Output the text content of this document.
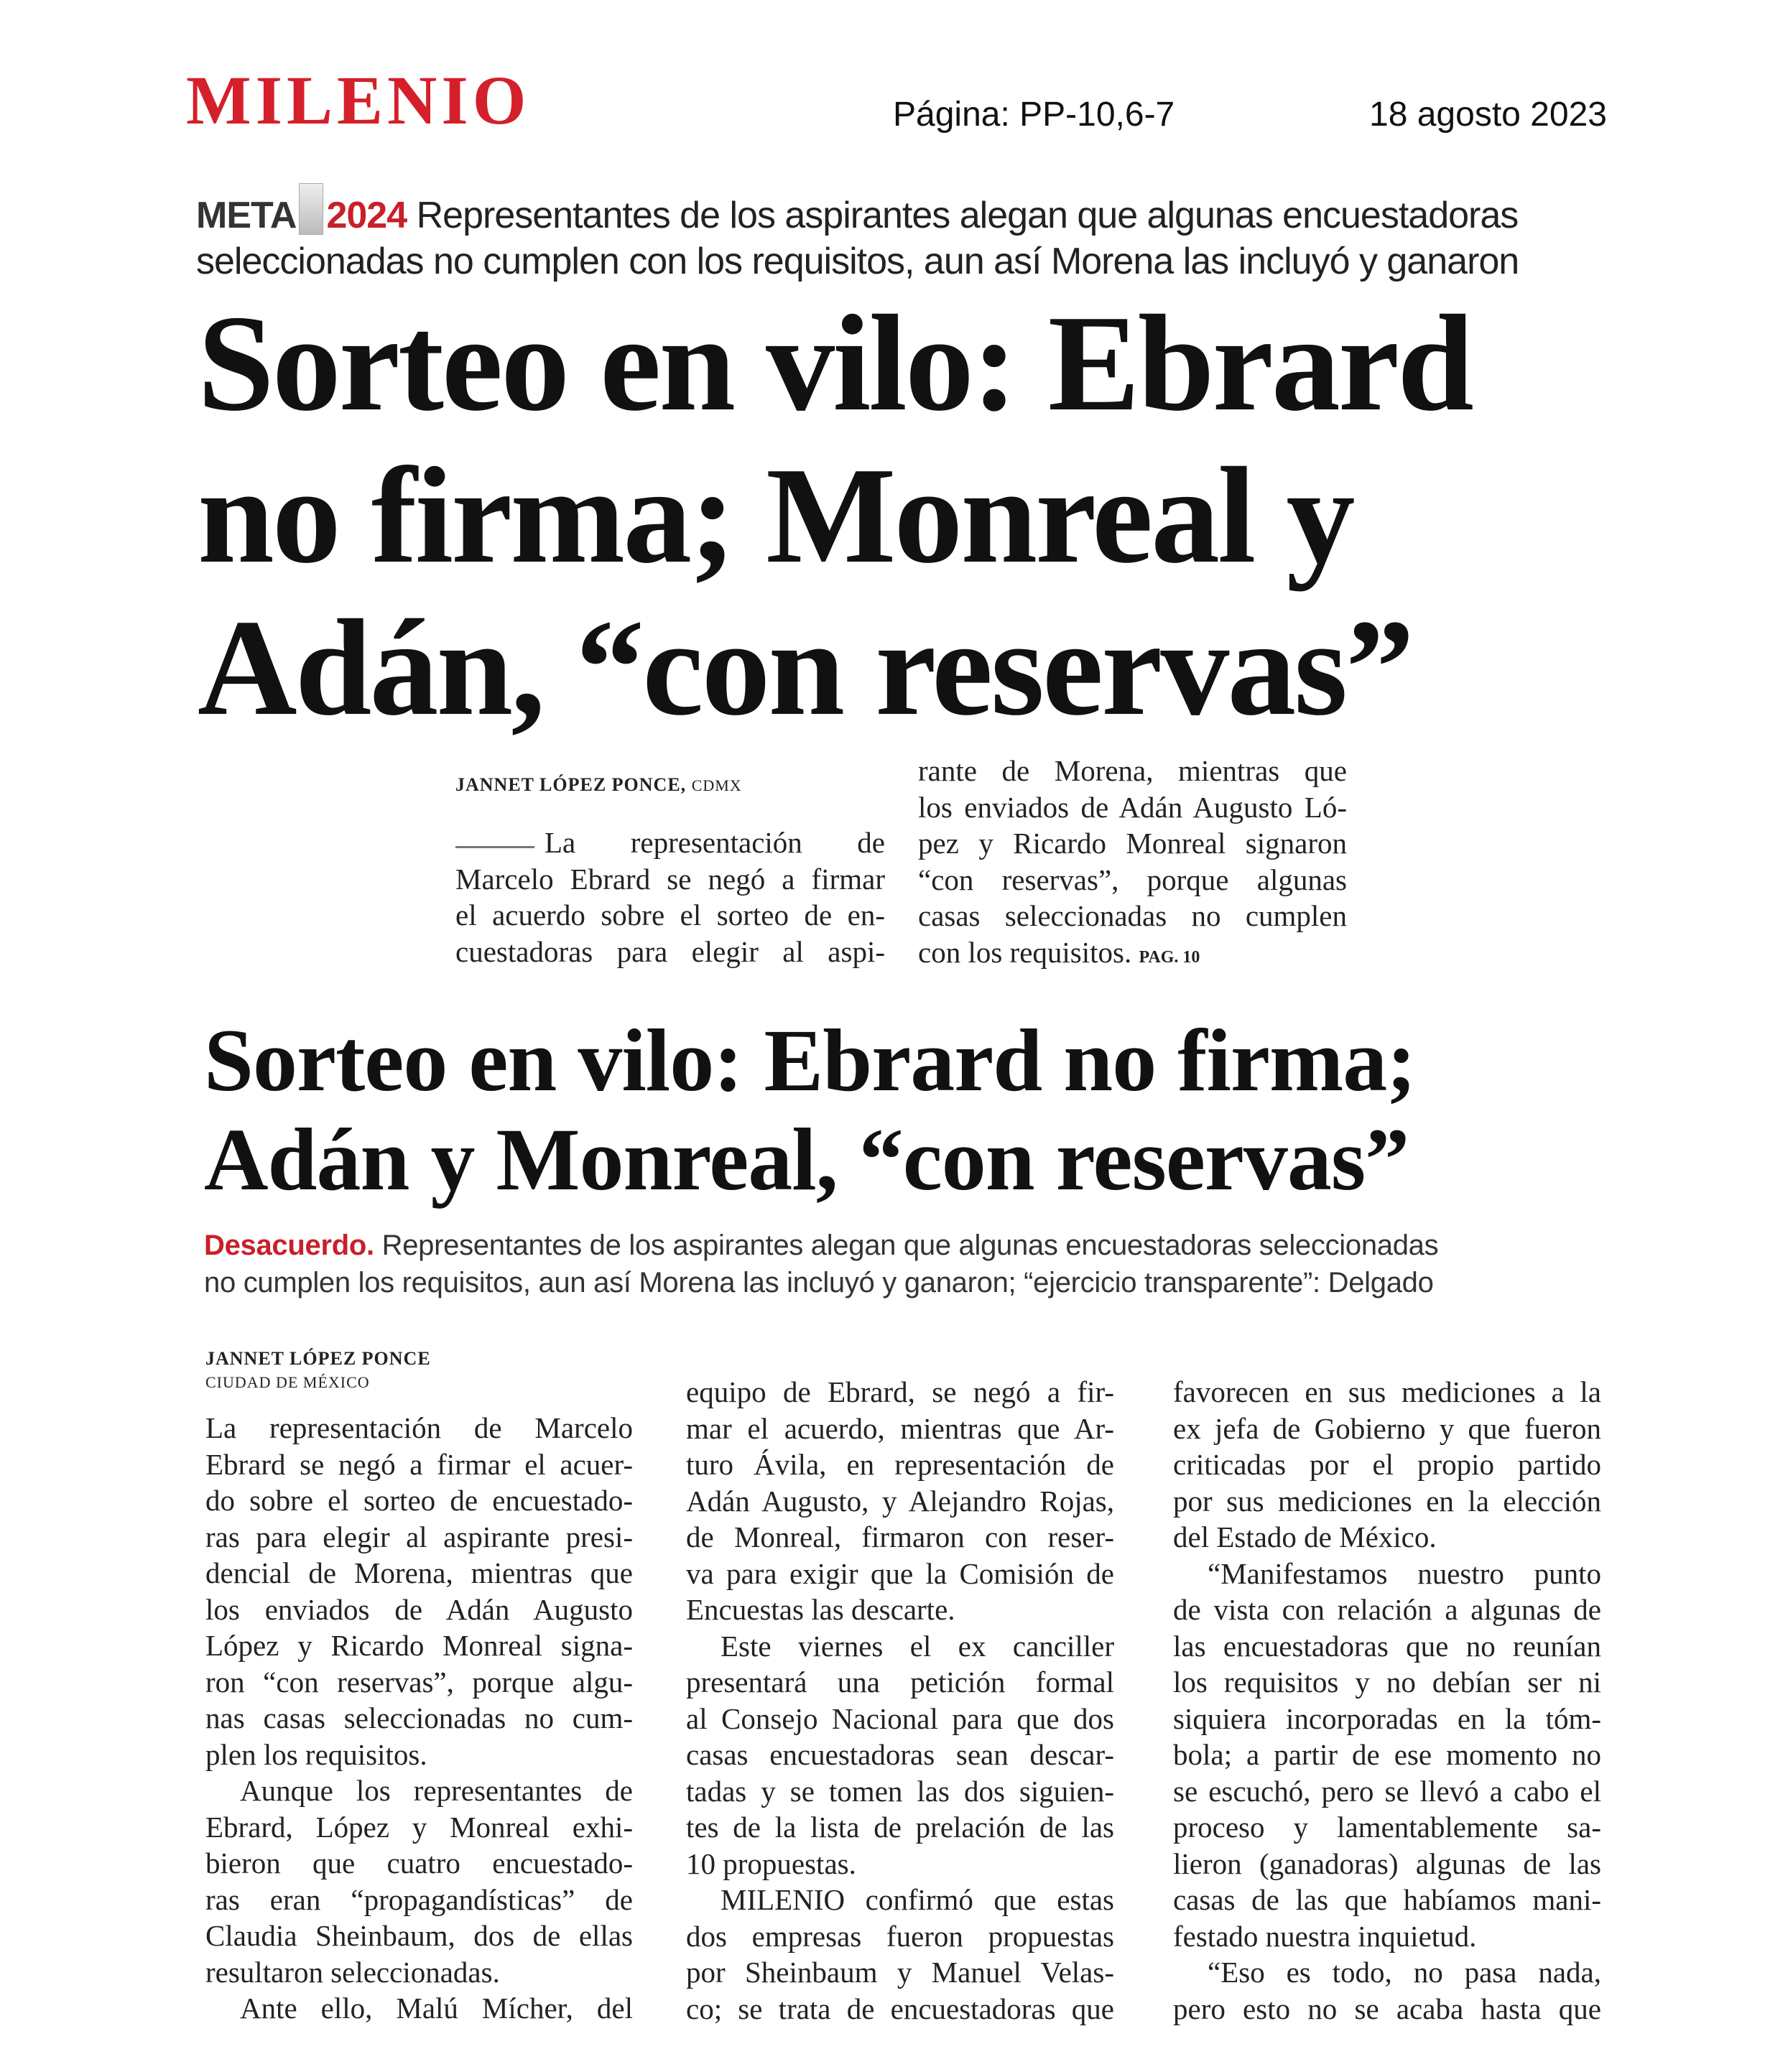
MILENIO	Página: PP-10,6-7	18 agosto 2023
META 2024 Representantes de los aspirantes alegan que algunas encuestadoras
seleccionadas no cumplen con los requisitos, aun así Morena las incluyó y ganaron
Sorteo en vilo: Ebrard
no firma; Monreal y
Adán, “con reservas”
JANNET LÓPEZ PONCE, CDMX
La representación de
Marcelo Ebrard se negó a firmar
el acuerdo sobre el sorteo de en-
cuestadoras para elegir al aspi-
rante de Morena, mientras que
los enviados de Adán Augusto Ló-
pez y Ricardo Monreal signaron
“con reservas”, porque algunas
casas seleccionadas no cumplen
con los requisitos. PAG. 10
Sorteo en vilo: Ebrard no firma;
Adán y Monreal, “con reservas”
Desacuerdo. Representantes de los aspirantes alegan que algunas encuestadoras seleccionadas
no cumplen los requisitos, aun así Morena las incluyó y ganaron; “ejercicio transparente”: Delgado
JANNET LÓPEZ PONCE
CIUDAD DE MÉXICO
La representación de Marcelo
Ebrard se negó a firmar el acuer-
do sobre el sorteo de encuestado-
ras para elegir al aspirante presi-
dencial de Morena, mientras que
los enviados de Adán Augusto
López y Ricardo Monreal signa-
ron “con reservas”, porque algu-
nas casas seleccionadas no cum-
plen los requisitos.
Aunque los representantes de
Ebrard, López y Monreal exhi-
bieron que cuatro encuestado-
ras eran “propagandísticas” de
Claudia Sheinbaum, dos de ellas
resultaron seleccionadas.
Ante ello, Malú Mícher, del
equipo de Ebrard, se negó a fir-
mar el acuerdo, mientras que Ar-
turo Ávila, en representación de
Adán Augusto, y Alejandro Rojas,
de Monreal, firmaron con reser-
va para exigir que la Comisión de
Encuestas las descarte.
Este viernes el ex canciller
presentará una petición formal
al Consejo Nacional para que dos
casas encuestadoras sean descar-
tadas y se tomen las dos siguien-
tes de la lista de prelación de las
10 propuestas.
MILENIO confirmó que estas
dos empresas fueron propuestas
por Sheinbaum y Manuel Velas-
co; se trata de encuestadoras que
favorecen en sus mediciones a la
ex jefa de Gobierno y que fueron
criticadas por el propio partido
por sus mediciones en la elección
del Estado de México.
“Manifestamos nuestro punto
de vista con relación a algunas de
las encuestadoras que no reunían
los requisitos y no debían ser ni
siquiera incorporadas en la tóm-
bola; a partir de ese momento no
se escuchó, pero se llevó a cabo el
proceso y lamentablemente sa-
lieron (ganadoras) algunas de las
casas de las que habíamos mani-
festado nuestra inquietud.
“Eso es todo, no pasa nada,
pero esto no se acaba hasta que
